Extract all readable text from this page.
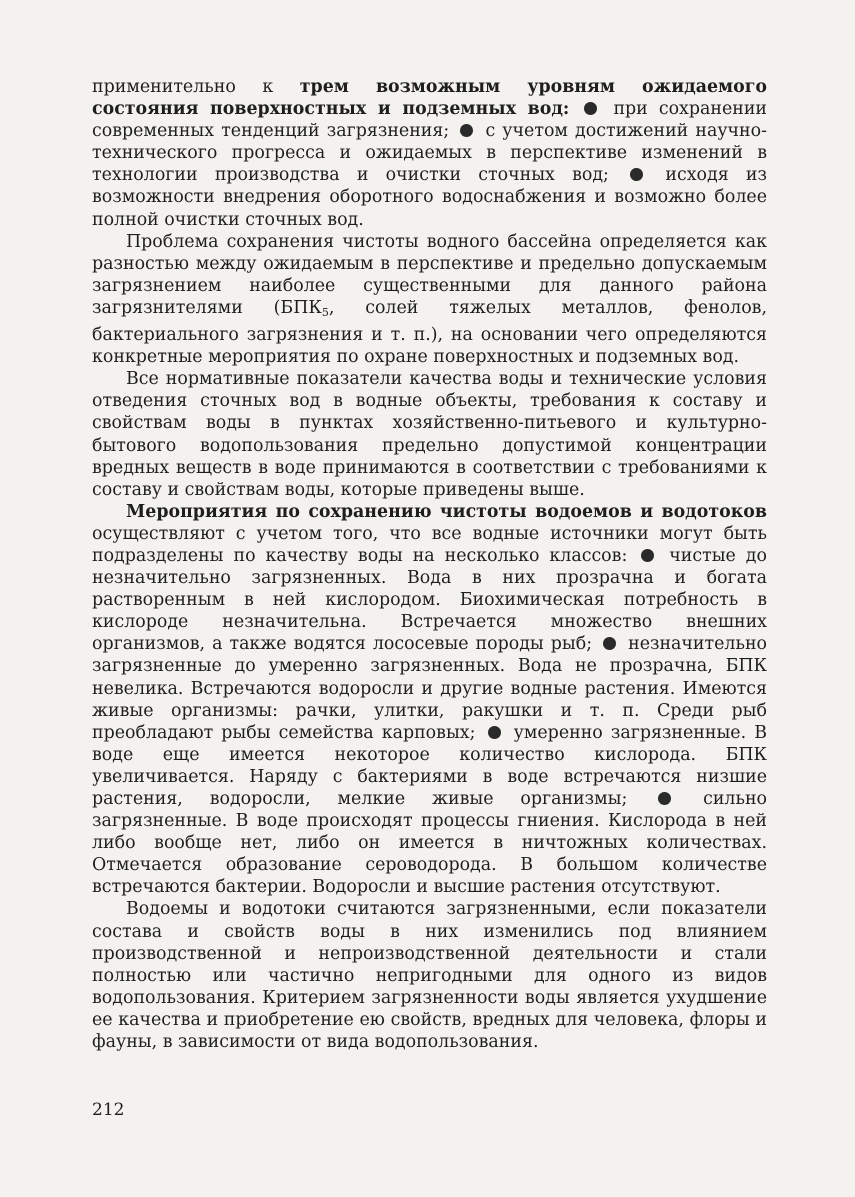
применительно к трем возможным уровням ожидаемого состояния поверхностных и подземных вод:  при сохранении современных тенденций загрязнения;  с учетом достижений научно-технического прогресса и ожидаемых в перспективе изменений в технологии производства и очистки сточных вод;  исходя из возможности внедрения оборотного водоснабжения и возможно более полной очистки сточных вод.

Проблема сохранения чистоты водного бассейна определяется как разностью между ожидаемым в перспективе и предельно допускаемым загрязнением наиболее существенными для данного района загрязнителями ($БПК_5$, солей тяжелых металлов, фенолов, бактериального загрязнения и т. п.), на основании чего определяются конкретные мероприятия по охране поверхностных и подземных вод.

Все нормативные показатели качества воды и технические условия отведения сточных вод в водные объекты, требования к составу и свойствам воды в пунктах хозяйственно-питьевого и культурно-бытового водопользования предельно допустимой концентрации вредных веществ в воде принимаются в соответствии с требованиями к составу и свойствам воды, которые приведены выше.

Мероприятия по сохранению чистоты водоемов и водотоков осуществляют с учетом того, что все водные источники могут быть подразделены по качеству воды на несколько классов:  чистые до незначительно загрязненных. Вода в них прозрачна и богата растворенным в ней кислородом. Биохимическая потребность в кислороде незначительна. Встречается множество внешних организмов, а также водятся лососевые породы рыб;  незначительно загрязненные до умеренно загрязненных. Вода не прозрачна, БПК невелика. Встречаются водоросли и другие водные растения. Имеются живые организмы: рачки, улитки, ракушки и т. п. Среди рыб преобладают рыбы семейства карповых;  умеренно загрязненные. В воде еще имеется некоторое количество кислорода. БПК увеличивается. Наряду с бактериями в воде встречаются низшие растения, водоросли, мелкие живые организмы;  сильно загрязненные. В воде происходят процессы гниения. Кислорода в ней либо вообще нет, либо он имеется в ничтожных количествах. Отмечается образование сероводорода. В большом количестве встречаются бактерии. Водоросли и высшие растения отсутствуют.

Водоемы и водотоки считаются загрязненными, если показатели состава и свойств воды в них изменились под влиянием производственной и непроизводственной деятельности и стали полностью или частично непригодными для одного из видов водопользования. Критерием загрязненности воды является ухудшение ее качества и приобретение ею свойств, вредных для человека, флоры и фауны, в зависимости от вида водопользования.

212
